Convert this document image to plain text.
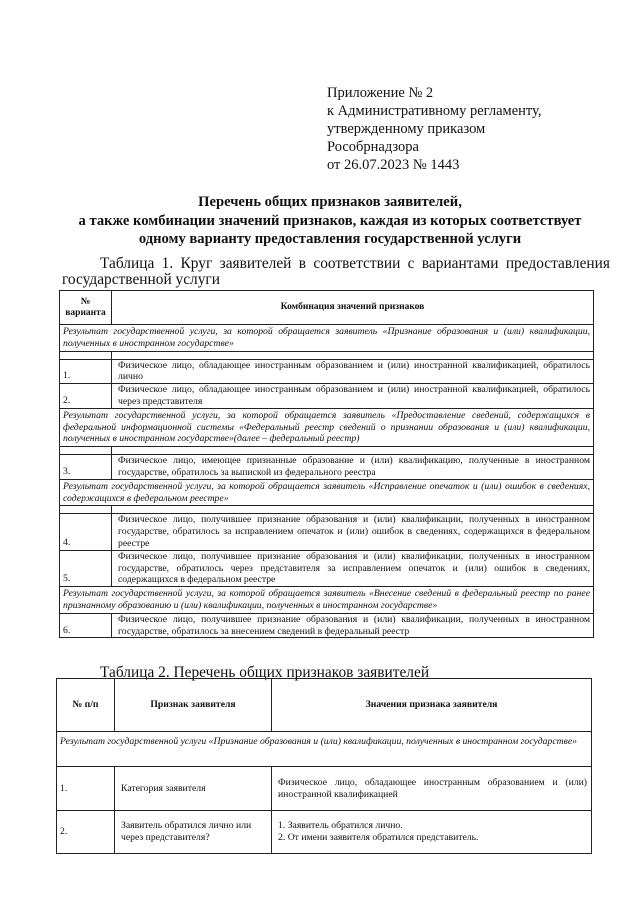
Приложение № 2
к Административному регламенту,
утвержденному приказом
Рособрнадзора
от 26.07.2023 № 1443
Перечень общих признаков заявителей,
а также комбинации значений признаков, каждая из которых соответствует
одному варианту предоставления государственной услуги
Таблица 1. Круг заявителей в соответствии с вариантами предоставления государственной услуги
№ варианта	Комбинация значений признаков
Результат государственной услуги, за которой обращается заявитель «Признание образования и (или) квалификации, полученных в иностранном государстве»	

1.	Физическое лицо, обладающее иностранным образованием и (или) иностранной квалификацией, обратилось лично
2.	Физическое лицо, обладающее иностранным образованием и (или) иностранной квалификацией, обратилось через представителя
Результат государственной услуги, за которой обращается заявитель «Предоставление сведений, содержащихся в федеральной информационной системы «Федеральный реестр сведений о признании образования и (или) квалификации, полученных в иностранном государстве»(далее – федеральный реестр)	

3.	Физическое лицо, имеющее признанные образование и (или) квалификацию, полученные в иностранном государстве, обратилось за выпиской из федерального реестра
Результат государственной услуги, за которой обращается заявитель «Исправление опечаток и (или) ошибок в сведениях, содержащихся в федеральном реестре»	

4.	Физическое лицо, получившее признание образования и (или) квалификации, полученных в иностранном государстве, обратилось за исправлением опечаток и (или) ошибок в сведениях, содержащихся в федеральном реестре
5.	Физическое лицо, получившее признание образования и (или) квалификации, полученных в иностранном государстве, обратилось через представителя за исправлением опечаток и (или) ошибок в сведениях, содержащихся в федеральном реестре
Результат государственной услуги, за которой обращается заявитель «Внесение сведений в федеральный реестр по ранее признанному образованию и (или) квалификации, полученных в иностранном государстве»	
6.	Физическое лицо, получившее признание образования и (или) квалификации, полученных в иностранном государстве, обратилось за внесением сведений в федеральный реестр
Таблица 2. Перечень общих признаков заявителей
№ п/п	Признак заявителя	Значения признака заявителя
Результат государственной услуги «Признание образования и (или) квалификации, полученных в иностранном государстве»		
1.	Категория заявителя	Физическое лицо, обладающее иностранным образованием и (или) иностранной квалификацией

2.	Заявитель обратился лично или через представителя?	1. Заявитель обратился лично.
2. От имени заявителя обратился представитель.
